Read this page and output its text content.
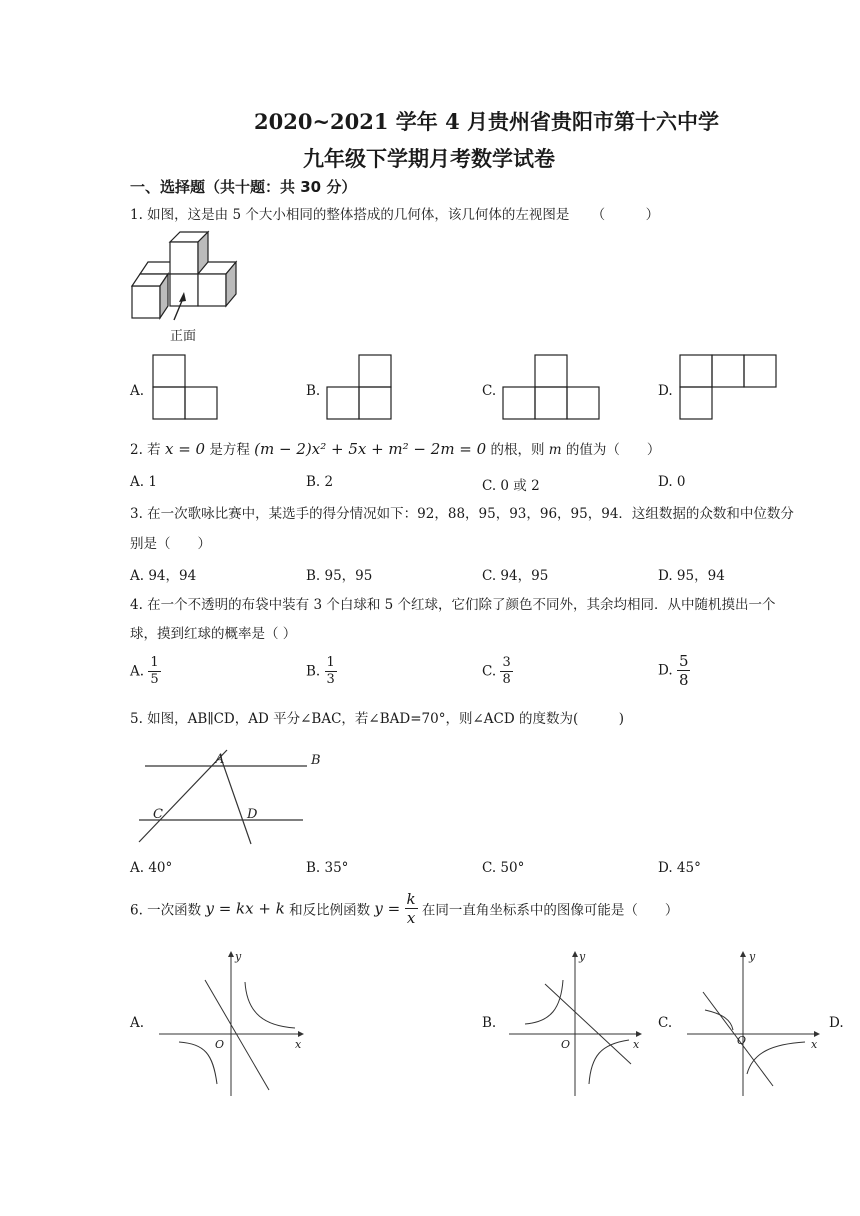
2020~2021 学年 4 月贵州省贵阳市第十六中学
九年级下学期月考数学试卷
一、选择题（共十题：共 30 分）
1. 如图，这是由 5 个大小相同的整体搭成的几何体，该几何体的左视图是 （　　　）
正面
A.	B.	C.	D.
2. 若 x = 0 是方程 (m − 2)x² + 5x + m² − 2m = 0 的根，则 m 的值为（　　）
A. 1	B. 2	C. 0 或 2	D. 0
3. 在一次歌咏比赛中，某选手的得分情况如下：92，88，95，93，96，95，94．这组数据的众数和中位数分
别是（　　）
A. 94，94	B. 95，95	C. 94，95	D. 95，94
4. 在一个不透明的布袋中装有 3 个白球和 5 个红球，它们除了颜色不同外，其余均相同．从中随机摸出一个
球，摸到红球的概率是（ ）
A. $\frac{1}{5}$	B. $\frac{1}{3}$	C. $\frac{3}{8}$	D. $\frac{5}{8}$
5. 如图，AB∥CD，AD 平分∠BAC，若∠BAD=70°，则∠ACD 的度数为(　　　)
A	B
C	D
A. 40°	B. 35°	C. 50°	D. 45°
6. 一次函数 y = kx + k 和反比例函数 $y = \frac{k}{x}$ 在同一直角坐标系中的图像可能是（　　）
A.	B.	C.	D.
y
x
O
y
x
O
y
x
O
